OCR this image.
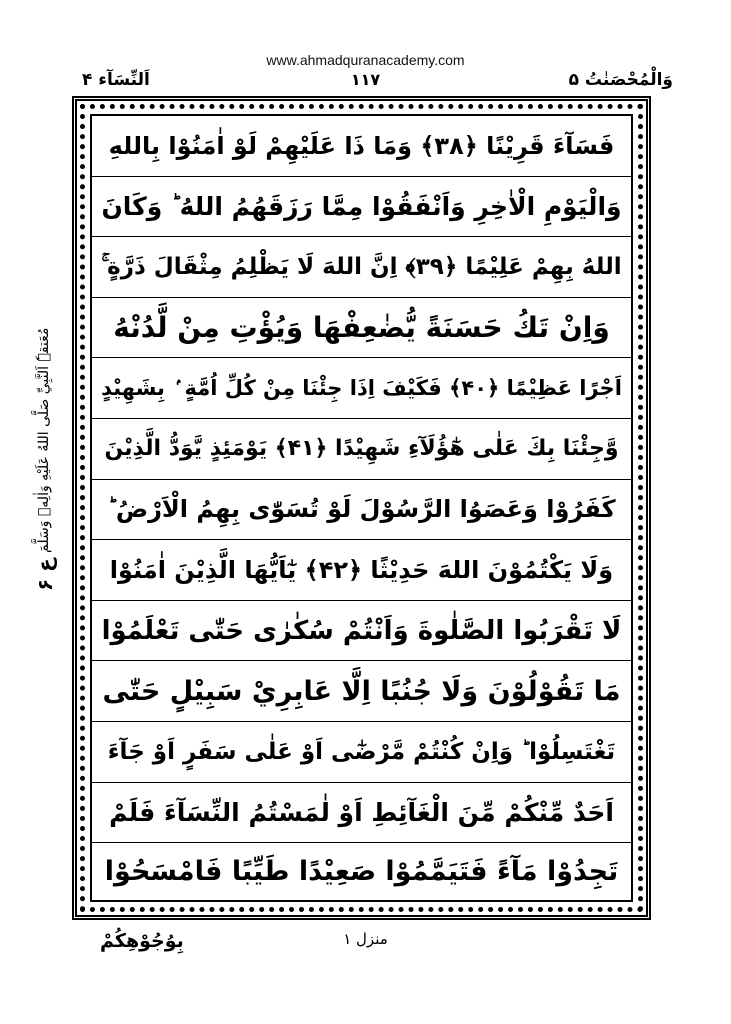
www.ahmadquranacademy.com
وَالْمُحْصَنٰتُ ۵
۱۱۷
اَلنِّسَآء ۴
فَسَآءَ قَرِيْنًا ﴿۳۸﴾ وَمَا ذَا عَلَيْهِمْ لَوْ اٰمَنُوْا بِاللهِ
وَالْيَوْمِ الْاٰخِرِ وَاَنْفَقُوْا مِمَّا رَزَقَهُمُ اللهُ ؕ وَكَانَ
اللهُ بِهِمْ عَلِيْمًا ﴿۳۹﴾ اِنَّ اللهَ لَا يَظْلِمُ مِثْقَالَ ذَرَّةٍ ۚ
وَاِنْ تَكُ حَسَنَةً يُّضٰعِفْهَا وَيُؤْتِ مِنْ لَّدُنْهُ
اَجْرًا عَظِيْمًا ﴿۴۰﴾ فَكَيْفَ اِذَا جِئْنَا مِنْ كُلِّ اُمَّةٍ ۢ بِشَهِيْدٍ
وَّجِئْنَا بِكَ عَلٰى هٰٓؤُلَآءِ شَهِيْدًا ﴿۴۱﴾ يَوْمَئِذٍ يَّوَدُّ الَّذِيْنَ
كَفَرُوْا وَعَصَوُا الرَّسُوْلَ لَوْ تُسَوّٰى بِهِمُ الْاَرْضُ ؕ
وَلَا يَكْتُمُوْنَ اللهَ حَدِيْثًا ﴿۴۲﴾ يٰٓاَيُّهَا الَّذِيْنَ اٰمَنُوْا
لَا تَقْرَبُوا الصَّلٰوةَ وَاَنْتُمْ سُكٰرٰى حَتّٰى تَعْلَمُوْا
مَا تَقُوْلُوْنَ وَلَا جُنُبًا اِلَّا عَابِرِيْ سَبِيْلٍ حَتّٰى
تَغْتَسِلُوْا ؕ وَاِنْ كُنْتُمْ مَّرْضٰٓى اَوْ عَلٰى سَفَرٍ اَوْ جَآءَ
اَحَدٌ مِّنْكُمْ مِّنَ الْغَآئِطِ اَوْ لٰمَسْتُمُ النِّسَآءَ فَلَمْ
تَجِدُوْا مَآءً فَتَيَمَّمُوْا صَعِيْدًا طَيِّبًا فَامْسَحُوْا
مُعَتقہٗ اَلنَّبِيِّ صَلَّی اللهُ عَلَيْهِ وَاٰلِهٖ وَسَلَّمَ
ع ۶
بِوُجُوْهِكُمْ	منزل ۱
